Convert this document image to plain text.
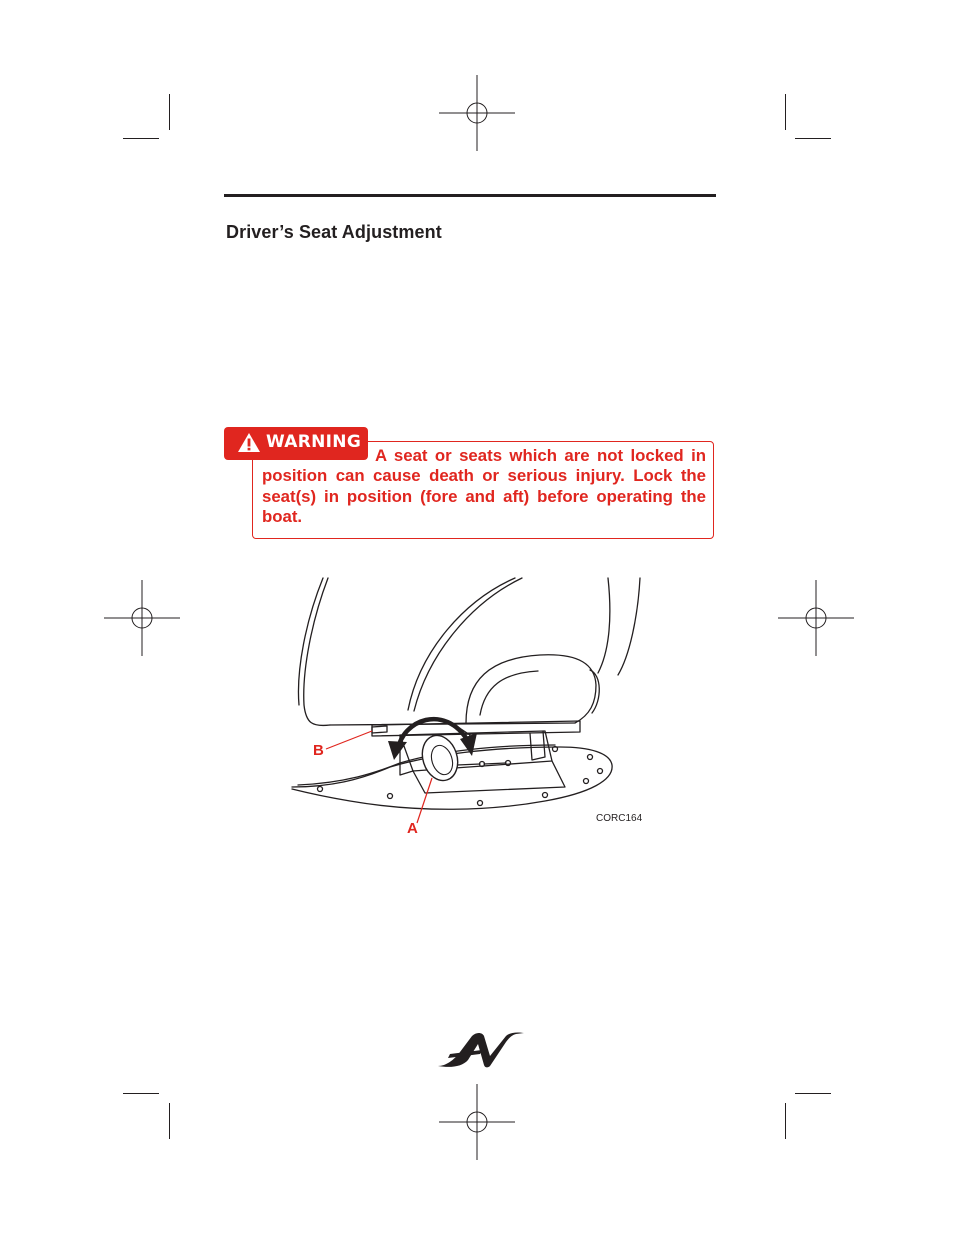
Driver’s Seat Adjustment
WARNING
A seat or seats which are not locked in position can cause death or serious injury. Lock the seat(s) in position (fore and aft) before operating the boat.
B
A
CORC164
